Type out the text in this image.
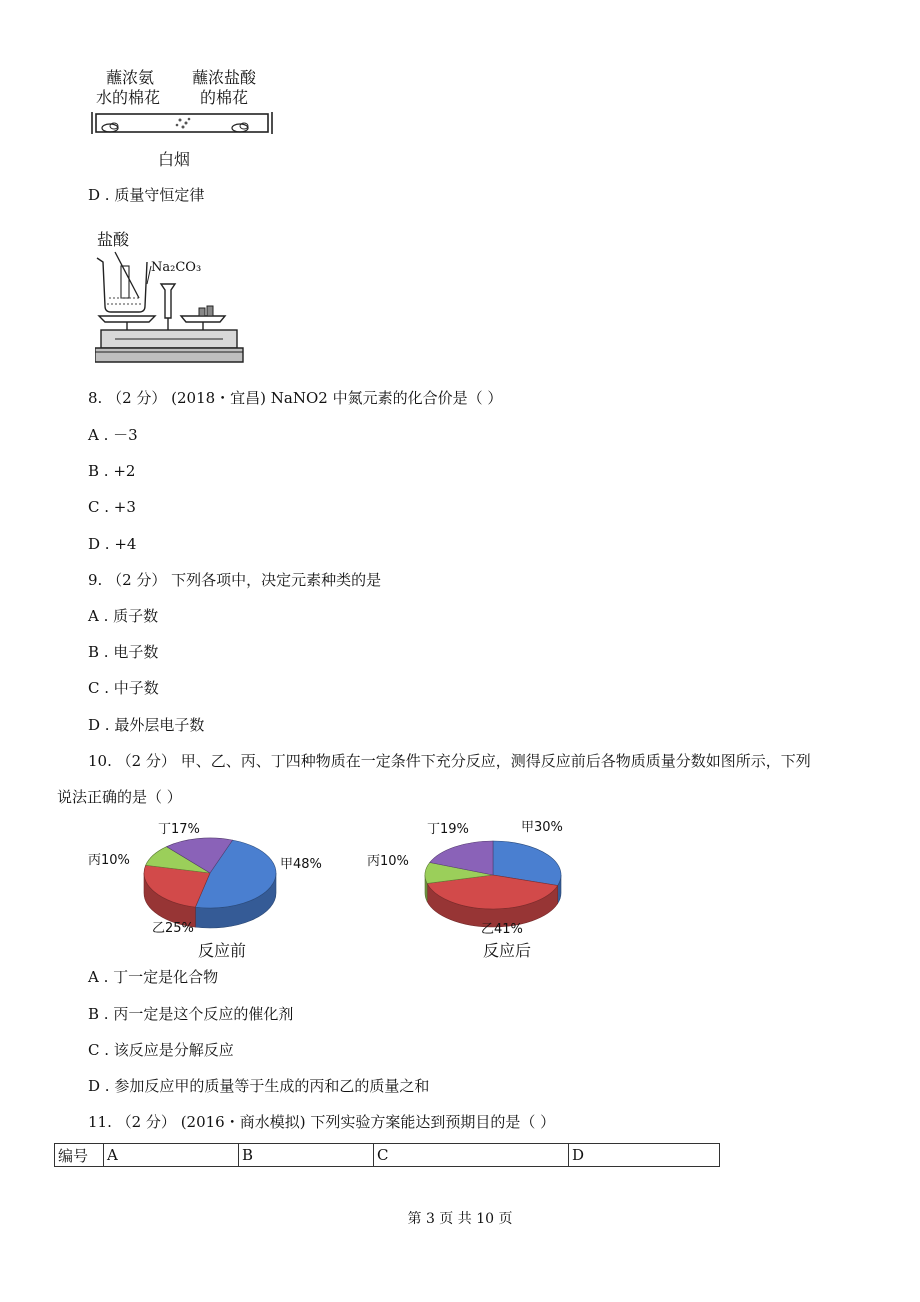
蘸浓氨
水的棉花
蘸浓盐酸
的棉花
白烟
D . 质量守恒定律
盐酸
Na₂CO₃
8. （2 分） (2018・宜昌) NaNO2 中氮元素的化合价是（ ）
A . －3
B . +2
C . +3
D . +4
9. （2 分） 下列各项中，决定元素种类的是
A . 质子数
B . 电子数
C . 中子数
D . 最外层电子数
10. （2 分） 甲、乙、丙、丁四种物质在一定条件下充分反应，测得反应前后各物质质量分数如图所示，下列
说法正确的是（ ）
丁17%
丙10%	甲48%
乙25%
反应前
丁19%	甲30%
丙10%
乙41%
反应后
A . 丁一定是化合物
B . 丙一定是这个反应的催化剂
C . 该反应是分解反应
D . 参加反应甲的质量等于生成的丙和乙的质量之和
11. （2 分） (2016・商水模拟) 下列实验方案能达到预期目的是（ ）
编号	A	B	C	D
第 3 页 共 10 页
